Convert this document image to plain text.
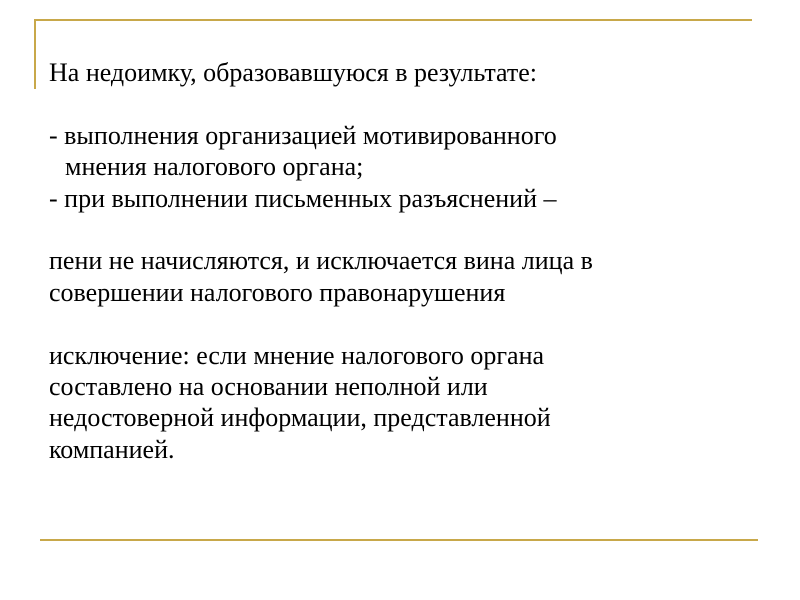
На недоимку, образовавшуюся в результате:
- выполнения организацией мотивированного
мнения налогового органа;
- при выполнении письменных разъяснений –
пени не начисляются, и исключается вина лица в
совершении налогового правонарушения
исключение: если мнение налогового органа
составлено на основании неполной или
недостоверной информации, представленной
компанией.
